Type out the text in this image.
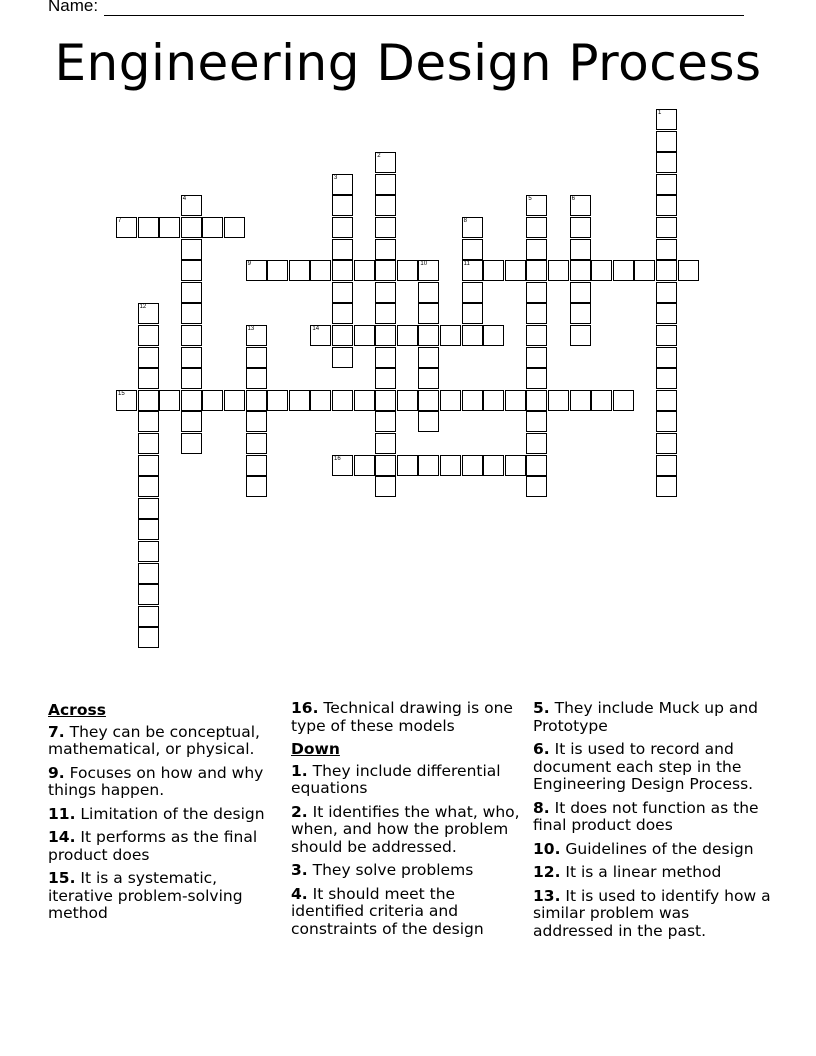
Name:
Engineering Design Process
1
2
3
4	5	6
7	8
11
9	10
12
13	14
15
16
Across
7. They can be conceptual, mathematical, or physical.
9. Focuses on how and why things happen.
11. Limitation of the design
14. It performs as the final product does
15. It is a systematic, iterative problem-solving method
16. Technical drawing is one type of these models
Down
1. They include differential equations
2. It identifies the what, who, when, and how the problem should be addressed.
3. They solve problems
4. It should meet the identified criteria and constraints of the design
5. They include Muck up and Prototype
6. It is used to record and document each step in the Engineering Design Process.
8. It does not function as the final product does
10. Guidelines of the design
12. It is a linear method
13. It is used to identify how a similar problem was addressed in the past.
